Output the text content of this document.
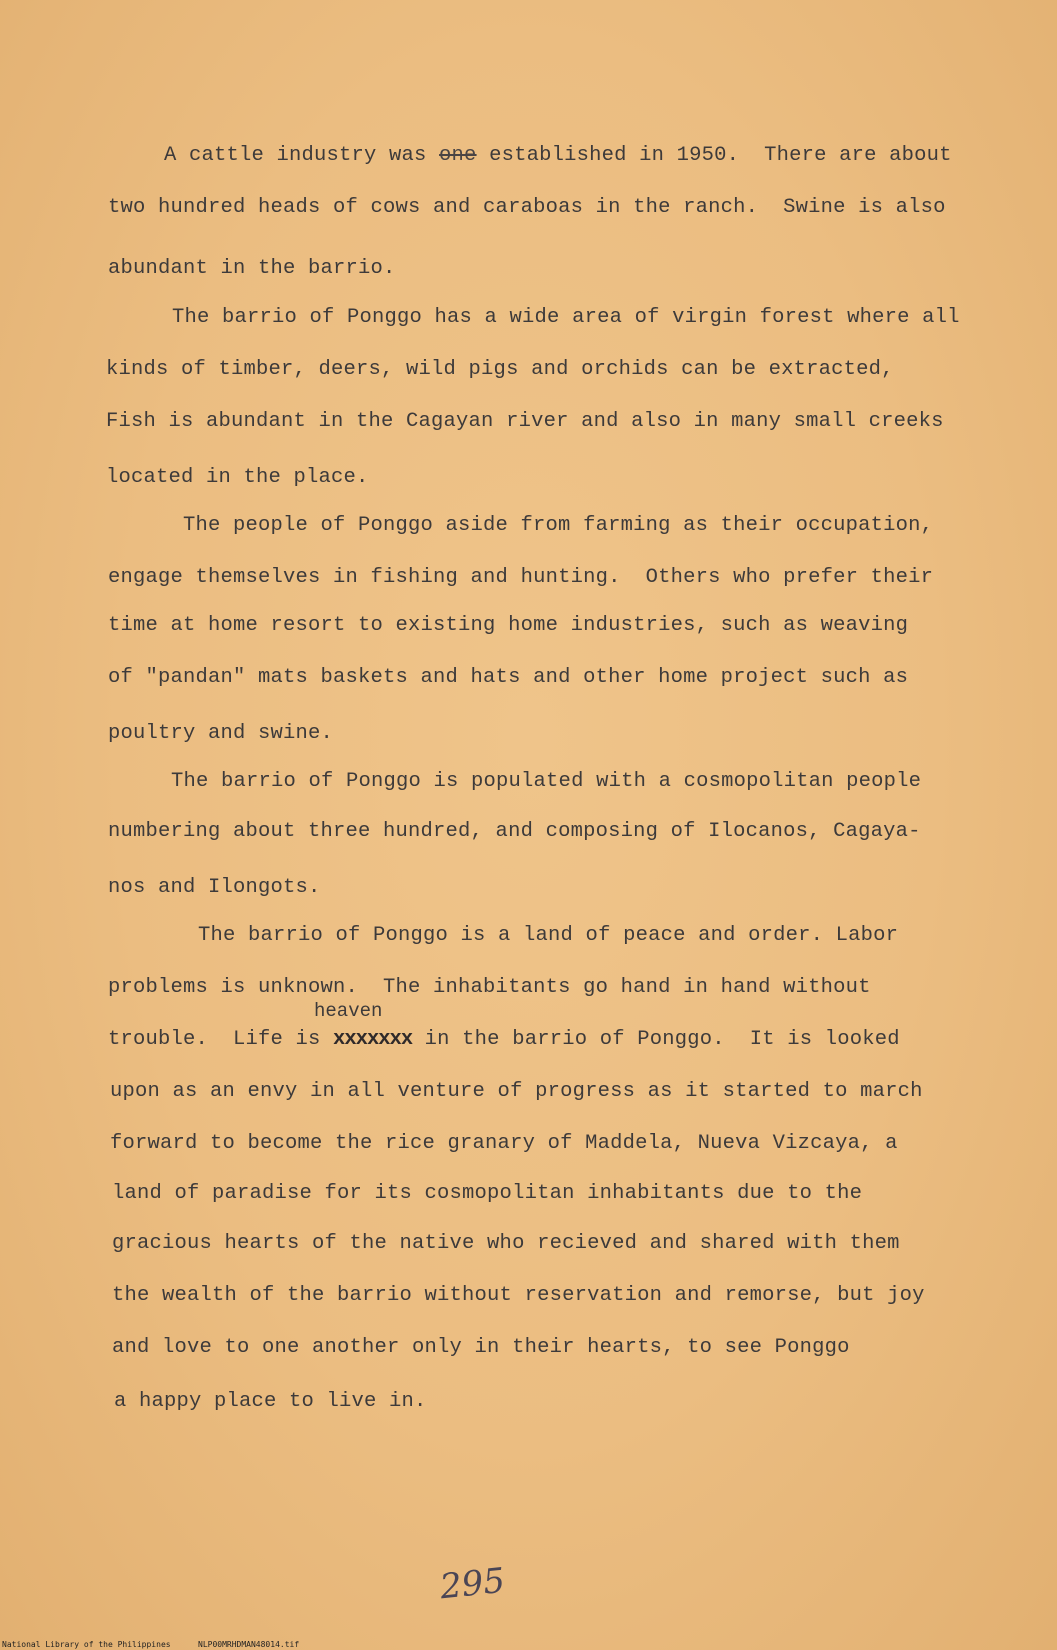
A cattle industry was one established in 1950.  There are about
two hundred heads of cows and caraboas in the ranch.  Swine is also
abundant in the barrio.
The barrio of Ponggo has a wide area of virgin forest where all
kinds of timber, deers, wild pigs and orchids can be extracted,
Fish is abundant in the Cagayan river and also in many small creeks
located in the place.
The people of Ponggo aside from farming as their occupation,
engage themselves in fishing and hunting.  Others who prefer their
time at home resort to existing home industries, such as weaving
of "pandan" mats baskets and hats and other home project such as
poultry and swine.
The barrio of Ponggo is populated with a cosmopolitan people
numbering about three hundred, and composing of Ilocanos, Cagaya-
nos and Ilongots.
The barrio of Ponggo is a land of peace and order. Labor
problems is unknown.  The inhabitants go hand in hand without
heaven
trouble.  Life is xxxxxxx in the barrio of Ponggo.  It is looked
upon as an envy in all venture of progress as it started to march
forward to become the rice granary of Maddela, Nueva Vizcaya, a
land of paradise for its cosmopolitan inhabitants due to the
gracious hearts of the native who recieved and shared with them
the wealth of the barrio without reservation and remorse, but joy
and love to one another only in their hearts, to see Ponggo
a happy place to live in.
295
National Library of the Philippines	NLP00MRHDMAN48014.tif
